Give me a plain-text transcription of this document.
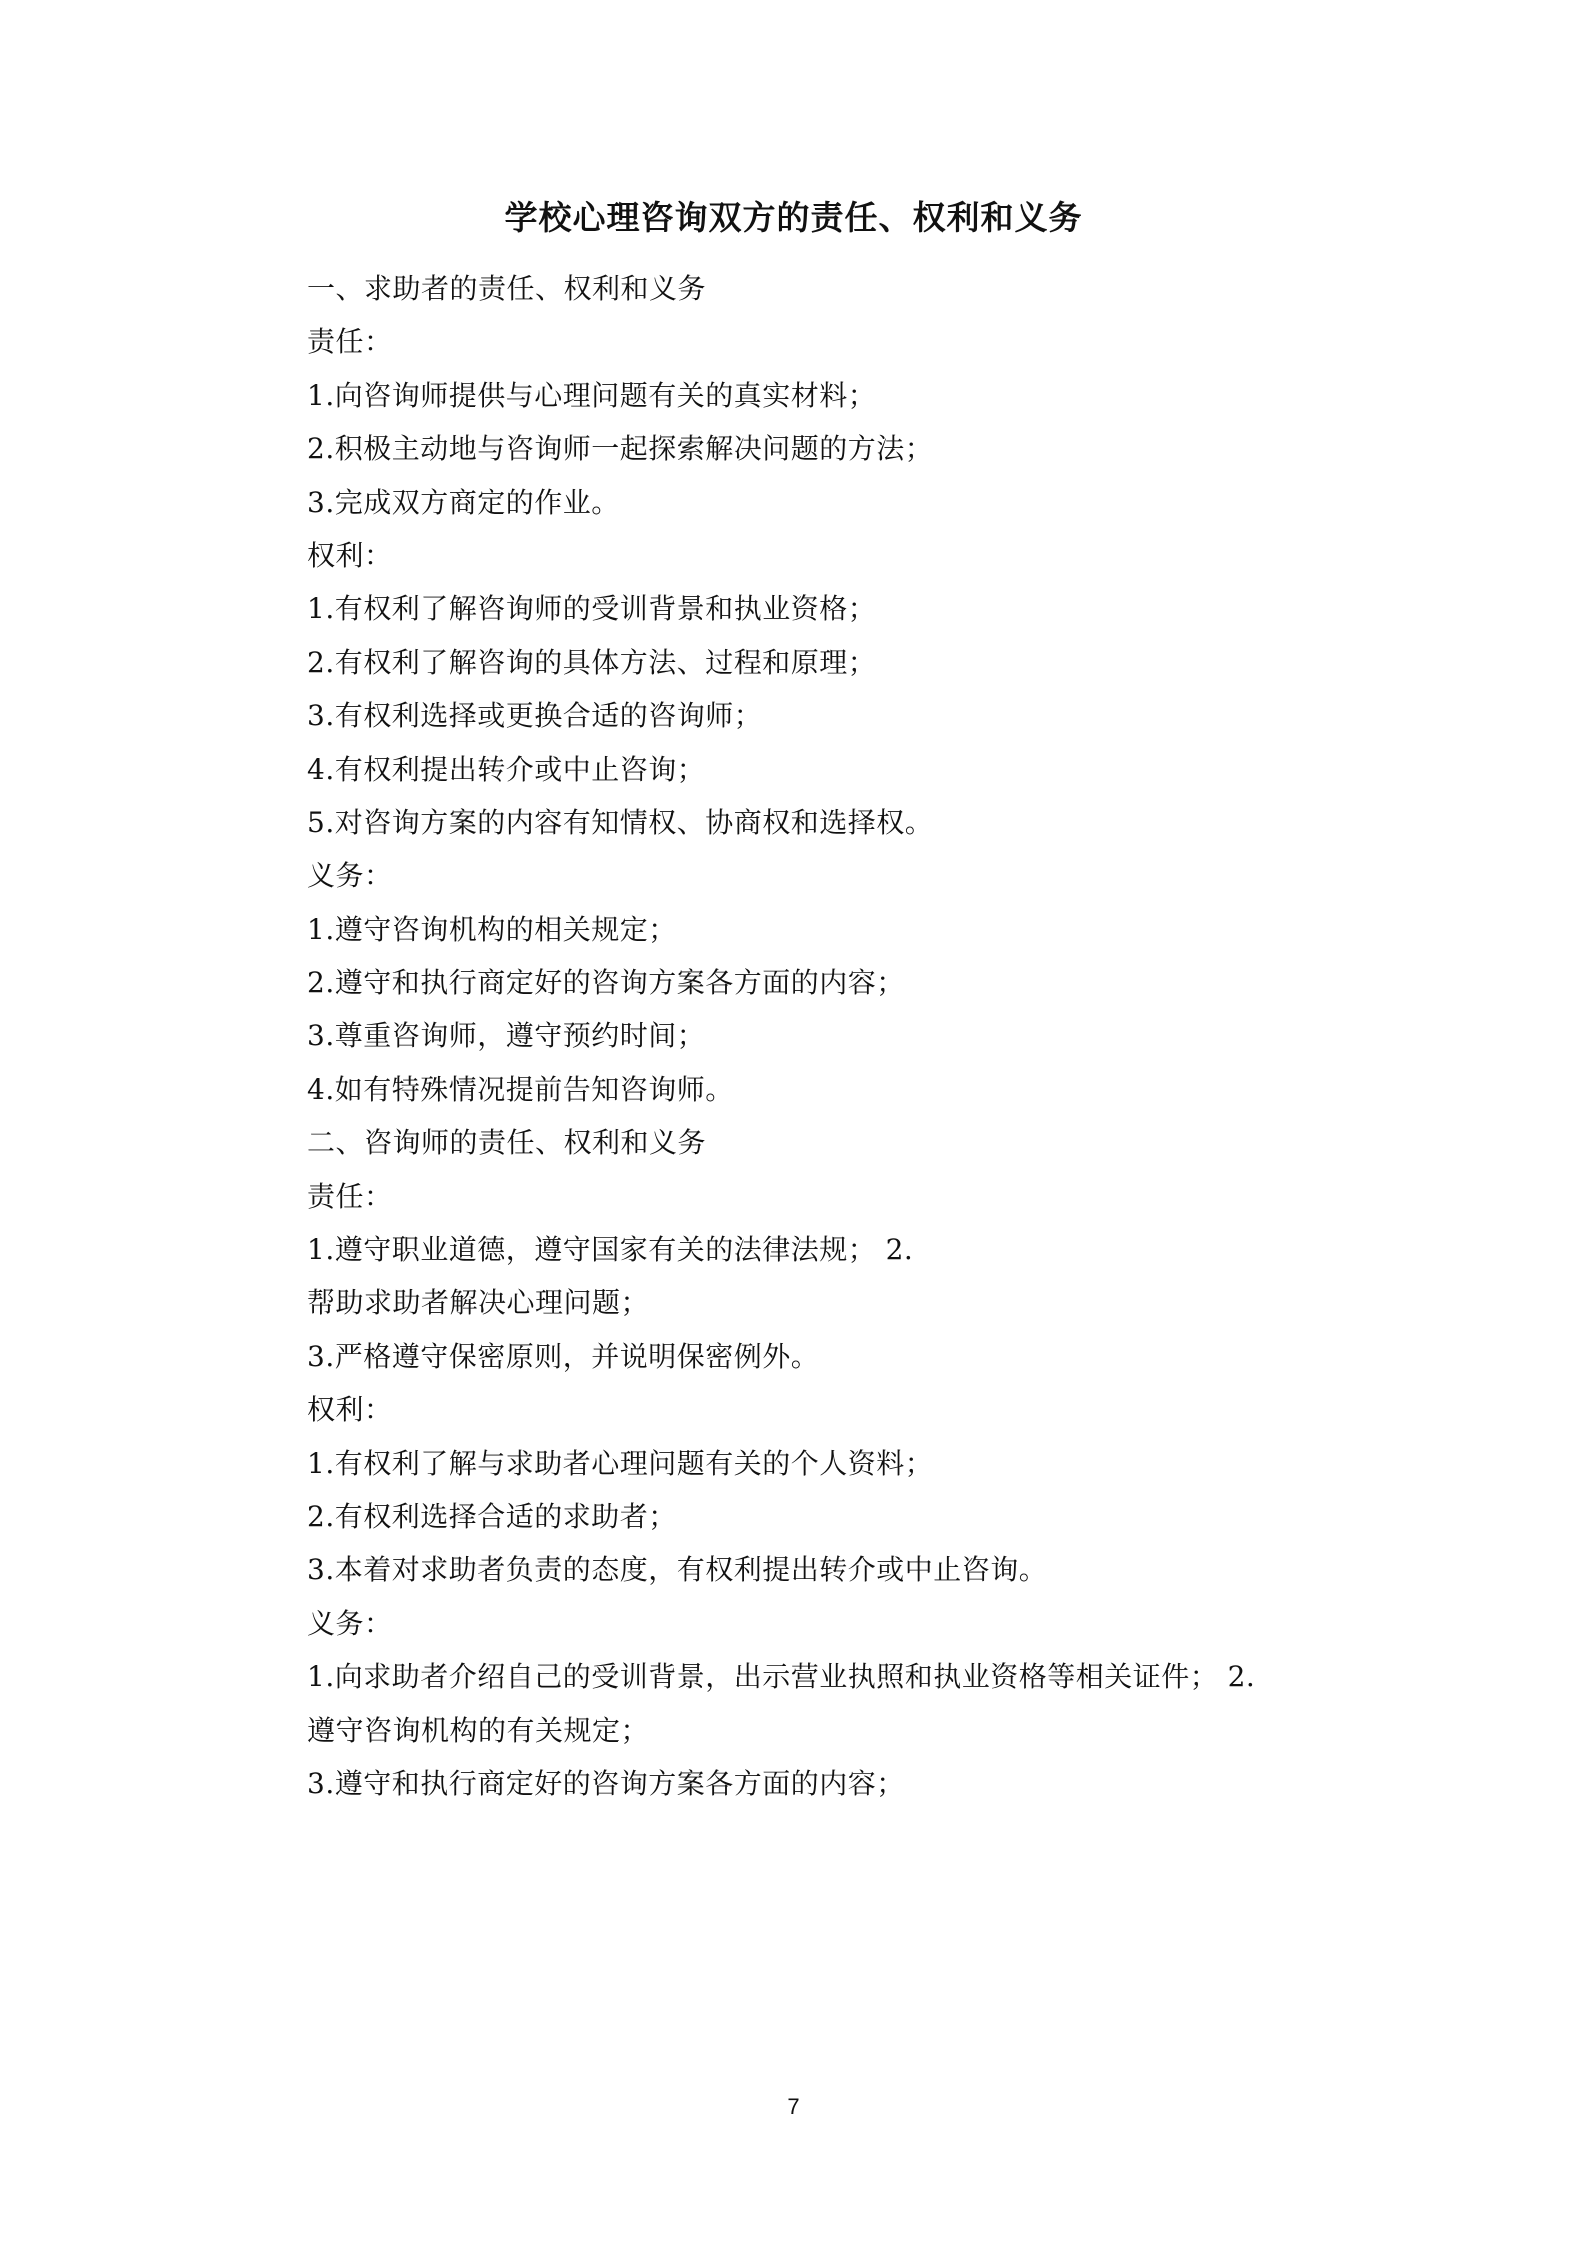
学校心理咨询双方的责任、权利和义务
一、求助者的责任、权利和义务
责任：
1.向咨询师提供与心理问题有关的真实材料；
2.积极主动地与咨询师一起探索解决问题的方法；
3.完成双方商定的作业。
权利：
1.有权利了解咨询师的受训背景和执业资格；
2.有权利了解咨询的具体方法、过程和原理；
3.有权利选择或更换合适的咨询师；
4.有权利提出转介或中止咨询；
5.对咨询方案的内容有知情权、协商权和选择权。
义务：
1.遵守咨询机构的相关规定；
2.遵守和执行商定好的咨询方案各方面的内容；
3.尊重咨询师，遵守预约时间；
4.如有特殊情况提前告知咨询师。
二、咨询师的责任、权利和义务
责任：
1.遵守职业道德，遵守国家有关的法律法规； 2.
帮助求助者解决心理问题；
3.严格遵守保密原则，并说明保密例外。
权利：
1.有权利了解与求助者心理问题有关的个人资料；
2.有权利选择合适的求助者；
3.本着对求助者负责的态度，有权利提出转介或中止咨询。
义务：
1.向求助者介绍自己的受训背景，出示营业执照和执业资格等相关证件； 2.
遵守咨询机构的有关规定；
3.遵守和执行商定好的咨询方案各方面的内容；
7
